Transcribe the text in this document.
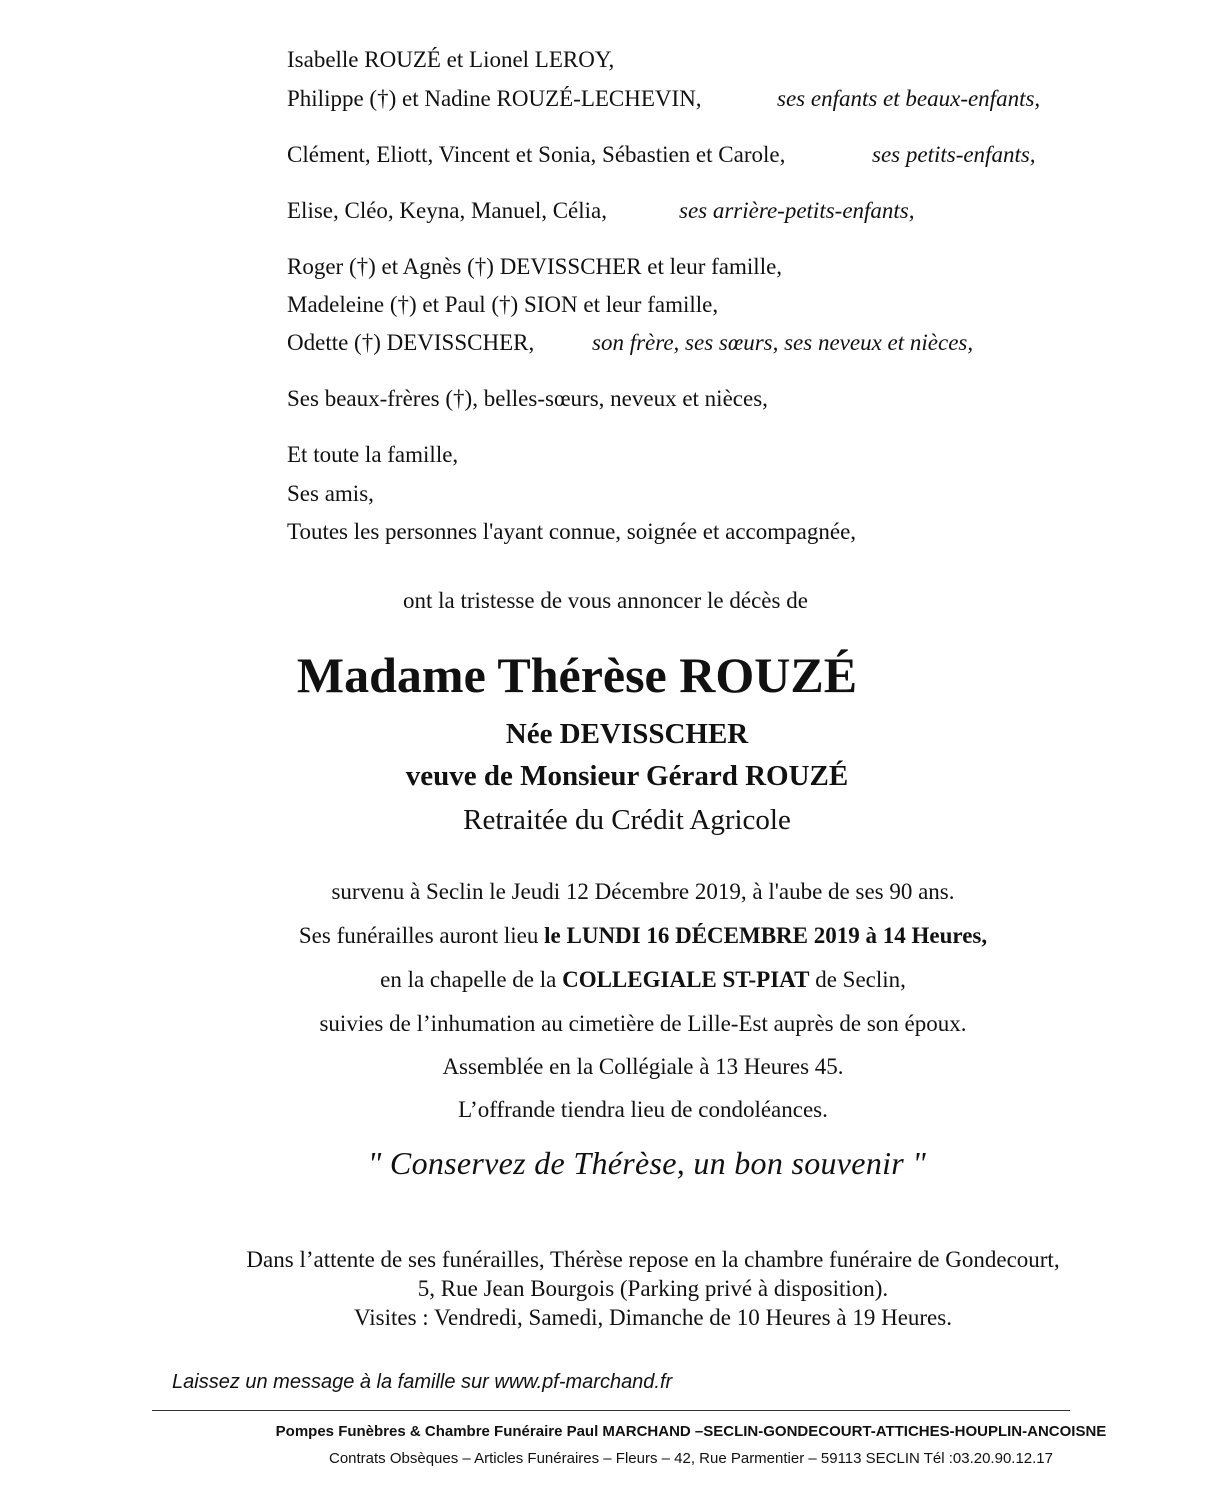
Isabelle ROUZÉ et Lionel LEROY,
Philippe (†) et Nadine ROUZÉ-LECHEVIN,	ses enfants et beaux-enfants,
Clément, Eliott, Vincent et Sonia, Sébastien et Carole,	ses petits-enfants,
Elise, Cléo, Keyna, Manuel, Célia,	ses arrière-petits-enfants,
Roger (†) et Agnès (†) DEVISSCHER et leur famille,
Madeleine (†) et Paul (†) SION et leur famille,
Odette (†) DEVISSCHER,	son frère, ses sœurs, ses neveux et nièces,
Ses beaux-frères (†), belles-sœurs, neveux et nièces,
Et toute la famille,
Ses amis,
Toutes les personnes l'ayant connue, soignée et accompagnée,
ont la tristesse de vous annoncer le décès de
Madame Thérèse ROUZÉ
Née DEVISSCHER
veuve de Monsieur Gérard ROUZÉ
Retraitée du Crédit Agricole
survenu à Seclin le Jeudi 12 Décembre 2019, à l'aube de ses 90 ans.
Ses funérailles auront lieu le LUNDI 16 DÉCEMBRE 2019 à 14 Heures,
en la chapelle de la COLLEGIALE ST-PIAT de Seclin,
suivies de l’inhumation au cimetière de Lille-Est auprès de son époux.
Assemblée en la Collégiale à 13 Heures 45.
L’offrande tiendra lieu de condoléances.
" Conservez de Thérèse, un bon souvenir "
Dans l’attente de ses funérailles, Thérèse repose en la chambre funéraire de Gondecourt,
5, Rue Jean Bourgois (Parking privé à disposition).
Visites : Vendredi, Samedi, Dimanche de 10 Heures à 19 Heures.
Laissez un message à la famille sur www.pf-marchand.fr
Pompes Funèbres & Chambre Funéraire Paul MARCHAND –SECLIN-GONDECOURT-ATTICHES-HOUPLIN-ANCOISNE
Contrats Obsèques – Articles Funéraires – Fleurs – 42, Rue Parmentier – 59113 SECLIN Tél :03.20.90.12.17
